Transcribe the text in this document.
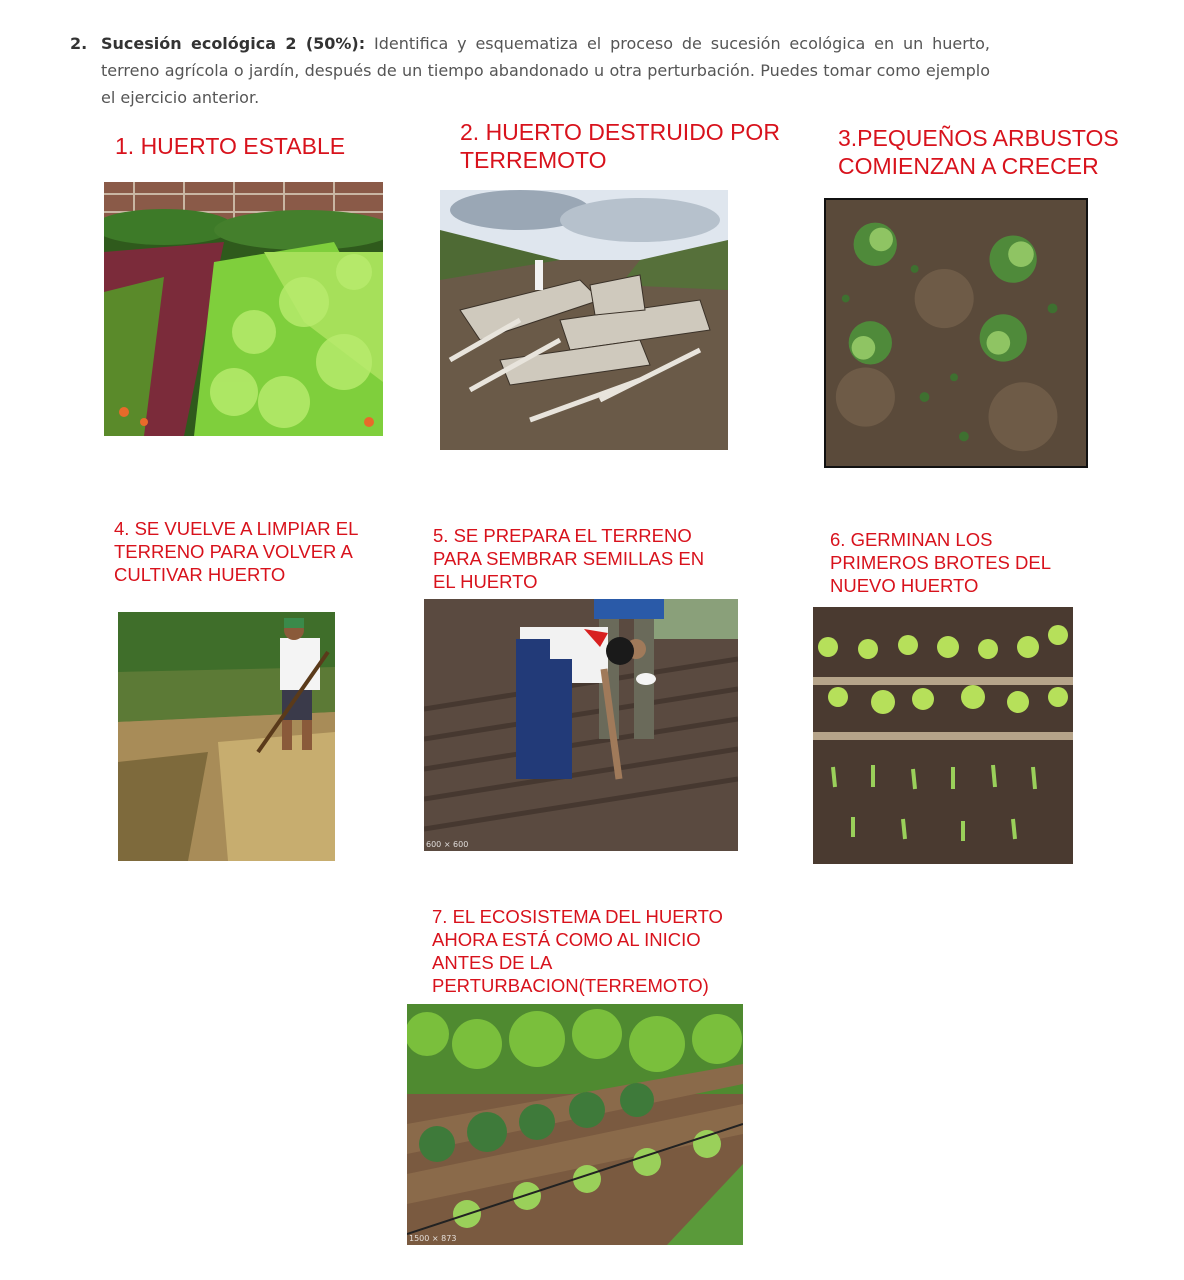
2. Sucesión ecológica 2 (50%): Identifica y esquematiza el proceso de sucesión ecológica en un huerto, terreno agrícola o jardín, después de un tiempo abandonado u otra perturbación. Puedes tomar como ejemplo el ejercicio anterior.
1. HUERTO ESTABLE
2. HUERTO DESTRUIDO POR TERREMOTO
3.PEQUEÑOS ARBUSTOS COMIENZAN A CRECER
4. SE VUELVE A LIMPIAR EL TERRENO PARA VOLVER A CULTIVAR HUERTO
5. SE PREPARA EL TERRENO PARA SEMBRAR SEMILLAS EN EL HUERTO
600 × 600
6. GERMINAN LOS PRIMEROS BROTES DEL NUEVO HUERTO
7. EL ECOSISTEMA DEL HUERTO AHORA ESTÁ COMO AL INICIO ANTES DE LA PERTURBACION(TERREMOTO)
1500 × 873
